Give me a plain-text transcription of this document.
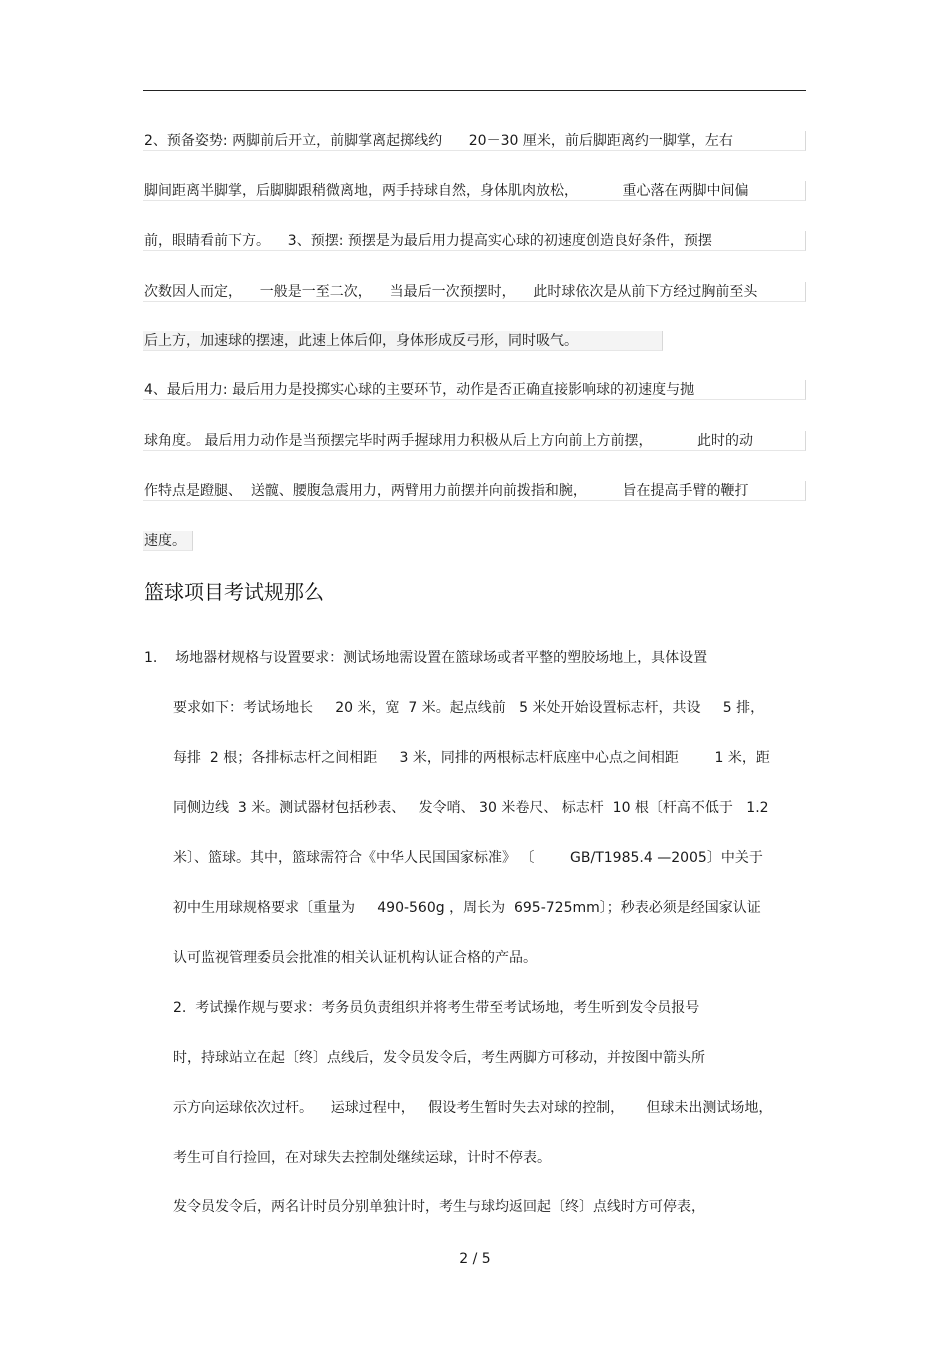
2、预备姿势: 两脚前后开立，前脚掌离起掷线约      20－30 厘米，前后脚距离约一脚掌，左右
脚间距离半脚掌，后脚脚跟稍微离地，两手持球自然，身体肌肉放松，          重心落在两脚中间偏
前，眼睛看前下方。    3、预摆: 预摆是为最后用力提高实心球的初速度创造良好条件，预摆
次数因人而定，    一般是一至二次，    当最后一次预摆时，    此时球依次是从前下方经过胸前至头
后上方，加速球的摆速，此速上体后仰，身体形成反弓形，同时吸气。
4、最后用力: 最后用力是投掷实心球的主要环节，动作是否正确直接影响球的初速度与抛
球角度。 最后用力动作是当预摆完毕时两手握球用力积极从后上方向前上方前摆，          此时的动
作特点是蹬腿、  送髋、腰腹急震用力，两臂用力前摆并向前拨指和腕，        旨在提高手臂的鞭打
速度。
篮球项目考试规那么
1.    场地器材规格与设置要求：测试场地需设置在篮球场或者平整的塑胶场地上，具体设置
要求如下：考试场地长     20 米，宽  7 米。起点线前   5 米处开始设置标志杆，共设     5 排，
每排  2 根；各排标志杆之间相距     3 米，同排的两根标志杆底座中心点之间相距        1 米，距
同侧边线  3 米。测试器材包括秒表、   发令哨、 30 米卷尺、 标志杆  10 根〔杆高不低于   1.2
米〕、篮球。其中，篮球需符合《中华人民国国家标准》 〔        GB/T1985.4 —2005〕中关于
初中生用球规格要求〔重量为     490-560g ，周长为  695-725mm〕；秒表必须是经国家认证
认可监视管理委员会批准的相关认证机构认证合格的产品。
2.  考试操作规与要求：考务员负责组织并将考生带至考试场地，考生听到发令员报号
时，持球站立在起〔终〕点线后，发令员发令后，考生两脚方可移动，并按图中箭头所
示方向运球依次过杆。    运球过程中，   假设考生暂时失去对球的控制，     但球未出测试场地，
考生可自行捡回，在对球失去控制处继续运球，计时不停表。
发令员发令后，两名计时员分别单独计时，考生与球均返回起〔终〕点线时方可停表，
2 / 5
